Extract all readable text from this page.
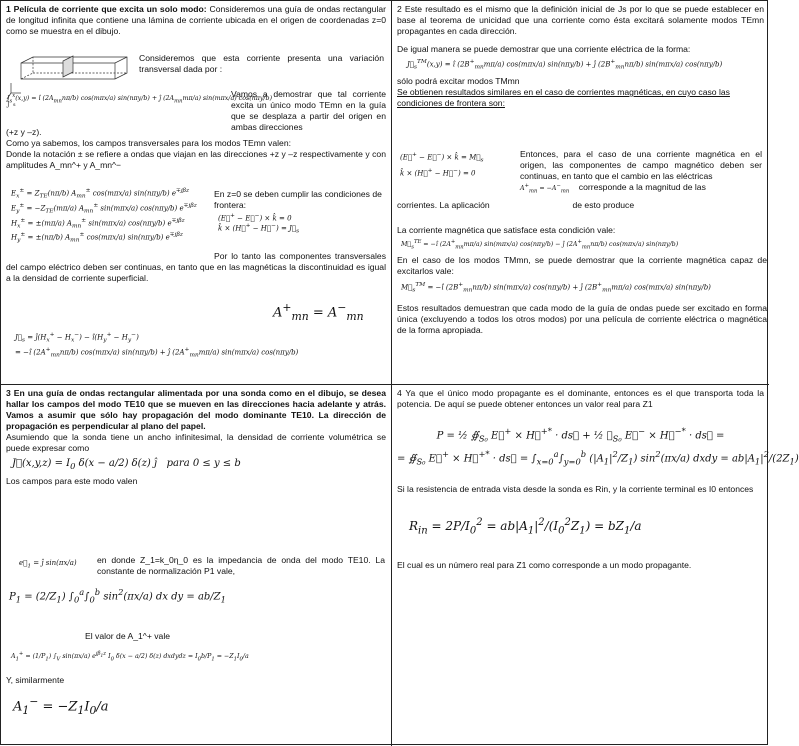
1 Película de corriente que excita un solo modo: Consideremos una guía de ondas rectangular de longitud infinita que contiene una lámina de corriente ubicada en el origen de coordenadas z=0 como se muestra en el dibujo.

J s

Consideremos que esta corriente presenta una variación transversal dada por :

$J_s^x(x,y)$ = î $(2A_{mn}n\pi/b)$ cos(mπx/a) sin(nπy/b) + ĵ $(2A_{mn}m\pi/a)$ sin(mπx/a) cos(nπy/b)

Vamos a demostrar que tal corriente excita un único modo TEmn en la guía que se desplaza a partir del origen en ambas direcciones

(+z y –z).

Como ya sabemos, los campos transversales para los modos TEmn valen:

Donde la notación ± se refiere a ondas que viajan en las direcciones +z y –z respectivamente y con amplitudes A_mn^+ y A_mn^−

$E_x^\pm = Z_{TE}(n\pi/b)$ $A_{mn}^\pm$ cos(mπx/a) sin(nπy/b) $e^{\mp j\beta z}$
$E_y^\pm = -Z_{TE}(m\pi/a)$ $A_{mn}^\pm$ sin(mπx/a) cos(nπy/b) $e^{\mp j\beta z}$
$H_x^\pm = \pm(m\pi/a)$ $A_{mn}^\pm$ sin(mπx/a) cos(nπy/b) $e^{\mp j\beta z}$
$H_y^\pm = \pm(n\pi/b)$ $A_{mn}^\pm$ cos(mπx/a) sin(nπy/b) $e^{\mp j\beta z}$

En z=0 se deben cumplir las condiciones de frontera:

(E⃗+ − E⃗−) × k̂ = 0
k̂ × (H⃗+ − H⃗−) = $J⃗_s$

Por lo tanto las componentes transversales del campo eléctrico deben ser continuas, en tanto que en las magnéticas la discontinuidad es igual a la densidad de corriente superficial.

$A^+_{mn} = A^-_{mn}$
$J⃗_s$ = $ĵ(H_x^+ - H_x^-)$ − $î(H_y^+ - H_y^-)$
= −î $(2A^+_{mn}n\pi/b)$ cos(mπx/a) sin(nπy/b) + ĵ $(2A^+_{mn}m\pi/a)$ sin(mπx/a) cos(nπy/b)

2 Este resultado es el mismo que la definición inicial de Js por lo que se puede establecer en base al teorema de unicidad que una corriente como ésta excitará solamente modos TEmn propagantes en cada dirección.

De igual manera se puede demostrar que una corriente eléctrica de la forma:

$J⃗_s™(x,y)$ = î $(2B^+_{mn}m\pi/a)$ cos(mπx/a) sin(nπy/b) + ĵ $(2B^+_{mn}n\pi/b)$ sin(mπx/a) cos(nπy/b)

sólo podrá excitar modos TMmn

Se obtienen resultados similares en el caso de corrientes magnéticas, en cuyo caso las condiciones de frontera son:

(E⃗+ − E⃗−) × k̂ = $M⃗_s$
k̂ × (H⃗+ − H⃗−) = 0

Entonces, para el caso de una corriente magnética en el origen, las componentes de campo magnético deben ser continuas, en tanto que el cambio en las eléctricas

$A^+_{mn} = -A^-_{mn}$ corresponde a la magnitud de las

corrientes. La aplicación	de esto produce

La corriente magnética que satisface esta condición vale:

$M⃗_s^{TE}$ = −î $(2A^+_{mn}m\pi/a)$ sin(mπx/a) cos(nπy/b) − ĵ $(2A^+_{mn}n\pi/b)$ cos(mπx/a) sin(nπy/b)

En el caso de los modos TMmn, se puede demostrar que la corriente magnética capaz de excitarlos vale:

$M⃗_s™$ = −î $(2B^+_{mn}n\pi/b)$ sin(mπx/a) cos(nπy/b) + ĵ $(2B^+_{mn}m\pi/a)$ cos(mπx/a) sin(nπy/b)

Estos resultados demuestran que cada modo de la guía de ondas puede ser excitado en forma única (excluyendo a todos los otros modos) por una película de corriente eléctrica o magnética de la forma apropiada.

3 En una guía de ondas rectangular alimentada por una sonda como en el dibujo, se desea hallar los campos del modo TE10 que se mueven en las direcciones hacia adelante y atrás. Vamos a asumir que sólo hay propagación del modo dominante TE10. La dirección de propagación es perpendicular al plano del papel.

Asumiendo que la sonda tiene un ancho infinitesimal, la densidad de corriente volumétrica se puede expresar como

J⃗(x,y,z) = $I_0$ δ(x − a/2) δ(z) ĵ   para 0 ≤ y ≤ b

Los campos para este modo valen

$e⃗_1$ = ĵ sin(πx/a) en donde Z_1=k_0η_0 es la impedancia de onda del modo TE10. La constante de normalización P1 vale,

$P_1 = (2/Z_1)$ $\int_0^a\int_0^b$ $\sin^2(\pi x/a)$ dx dy = $ab/Z_1$

El valor de A_1^+ vale

$A_1^+ = (1/P_1)$ $\int_V$ sin(πx/a) $e^{j\beta_1z}$ $I_0$ δ(x − a/2) δ(z) dxdydz = $I_0b/P_1 = -Z_1I_0/a$

Y, similarmente

$A_1^- = -Z_1I_0/a$

4 Ya que el único modo propagante es el dominante, entonces es el que transporta toda la potencia. De aquí se puede obtener entonces un valor real para Z1

P = ½ $∯_{S_0}$ E⃗+ × H⃗+* · ds⃗ + ½ $∯_{S_0}$ E⃗− × H⃗−* · ds⃗ =
= $∯_{S_0}$ E⃗+ × H⃗+* · ds⃗ = $\int_{x=0}^a\int_{y=0}^b$ $(|A_1|^2/Z_1)$ $\sin^2(\pi x/a)$ dxdy = $ab|A_1|^2/(2Z_1)$

Si la resistencia de entrada vista desde la sonda es Rin, y la corriente terminal es I0 entonces

$R_{in} = 2P/I_0^2 = ab|A_1|^2/(I_0^2Z_1) = bZ_1/a$

El cual es un número real para Z1 como corresponde a un modo propagante.
